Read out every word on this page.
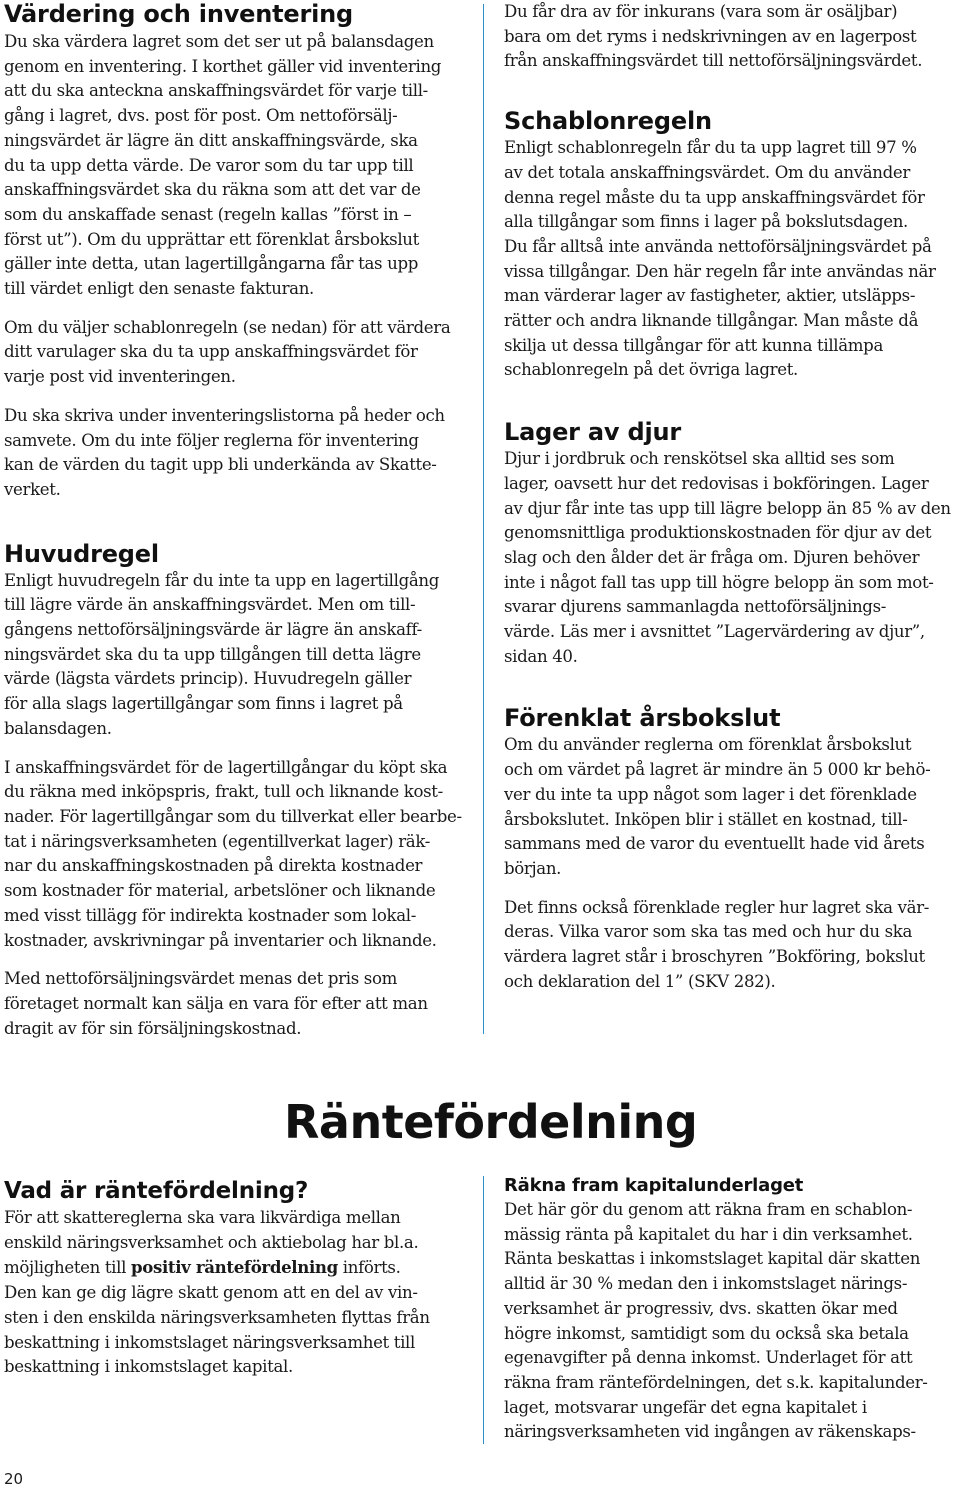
Värdering och inventering

Du ska värdera lagret som det ser ut på balansdagen
genom en inventering. I korthet gäller vid inventering
att du ska anteckna anskaffningsvärdet för varje till-
gång i lagret, dvs. post för post. Om nettoförsälj-
ningsvärdet är lägre än ditt anskaffningsvärde, ska
du ta upp detta värde. De varor som du tar upp till
anskaffningsvärdet ska du räkna som att det var de
som du anskaffade senast (regeln kallas ”först in –
först ut”). Om du upprättar ett förenklat årsbokslut
gäller inte detta, utan lagertillgångarna får tas upp
till värdet enligt den senaste fakturan.

Om du väljer schablonregeln (se nedan) för att värdera
ditt varulager ska du ta upp anskaffningsvärdet för
varje post vid inventeringen.

Du ska skriva under inventeringslistorna på heder och
samvete. Om du inte följer reglerna för inventering
kan de värden du tagit upp bli underkända av Skatte-
verket.

Huvudregel

Enligt huvudregeln får du inte ta upp en lagertillgång
till lägre värde än anskaffningsvärdet. Men om till-
gångens nettoförsäljningsvärde är lägre än anskaff-
ningsvärdet ska du ta upp tillgången till detta lägre
värde (lägsta värdets princip). Huvudregeln gäller
för alla slags lagertillgångar som finns i lagret på
balansdagen.

I anskaffningsvärdet för de lagertillgångar du köpt ska
du räkna med inköpspris, frakt, tull och liknande kost-
nader. För lagertillgångar som du tillverkat eller bearbe-
tat i näringsverksamheten (egentillverkat lager) räk-
nar du anskaffningskostnaden på direkta kostnader
som kostnader för material, arbetslöner och liknande
med visst tillägg för indirekta kostnader som lokal-
kostnader, avskrivningar på inventarier och liknande.

Med nettoförsäljningsvärdet menas det pris som
företaget normalt kan sälja en vara för efter att man
dragit av för sin försäljningskostnad.

Du får dra av för inkurans (vara som är osäljbar)
bara om det ryms i nedskrivningen av en lagerpost
från anskaffningsvärdet till nettoförsäljningsvärdet.

Schablonregeln

Enligt schablonregeln får du ta upp lagret till 97 %
av det totala anskaffningsvärdet. Om du använder
denna regel måste du ta upp anskaffningsvärdet för
alla tillgångar som finns i lager på bokslutsdagen.
Du får alltså inte använda nettoförsäljningsvärdet på
vissa tillgångar. Den här regeln får inte användas när
man värderar lager av fastigheter, aktier, utsläpps-
rätter och andra liknande tillgångar. Man måste då
skilja ut dessa tillgångar för att kunna tillämpa
schablonregeln på det övriga lagret.

Lager av djur

Djur i jordbruk och renskötsel ska alltid ses som
lager, oavsett hur det redovisas i bokföringen. Lager
av djur får inte tas upp till lägre belopp än 85 % av den
genomsnittliga produktionskostnaden för djur av det
slag och den ålder det är fråga om. Djuren behöver
inte i något fall tas upp till högre belopp än som mot-
svarar djurens sammanlagda nettoförsäljnings-
värde. Läs mer i avsnittet ”Lagervärdering av djur”,
sidan 40.

Förenklat årsbokslut

Om du använder reglerna om förenklat årsbokslut
och om värdet på lagret är mindre än 5 000 kr behö-
ver du inte ta upp något som lager i det förenklade
årsbokslutet. Inköpen blir i stället en kostnad, till-
sammans med de varor du eventuellt hade vid årets
början.

Det finns också förenklade regler hur lagret ska vär-
deras. Vilka varor som ska tas med och hur du ska
värdera lagret står i broschyren ”Bokföring, bokslut
och deklaration del 1” (SKV 282).

Räntefördelning
Vad är räntefördelning?

För att skattereglerna ska vara likvärdiga mellan
enskild näringsverksamhet och aktiebolag har bl.a.
möjligheten till positiv räntefördelning införts.
Den kan ge dig lägre skatt genom att en del av vin-
sten i den enskilda näringsverksamheten flyttas från
beskattning i inkomstslaget näringsverksamhet till
beskattning i inkomstslaget kapital.

Räkna fram kapitalunderlaget

Det här gör du genom att räkna fram en schablon-
mässig ränta på kapitalet du har i din verksamhet.
Ränta beskattas i inkomstslaget kapital där skatten
alltid är 30 % medan den i inkomstslaget närings-
verksamhet är progressiv, dvs. skatten ökar med
högre inkomst, samtidigt som du också ska betala
egenavgifter på denna inkomst. Underlaget för att
räkna fram räntefördelningen, det s.k. kapitalunder-
laget, motsvarar ungefär det egna kapitalet i
näringsverksamheten vid ingången av räkenskaps-

20
